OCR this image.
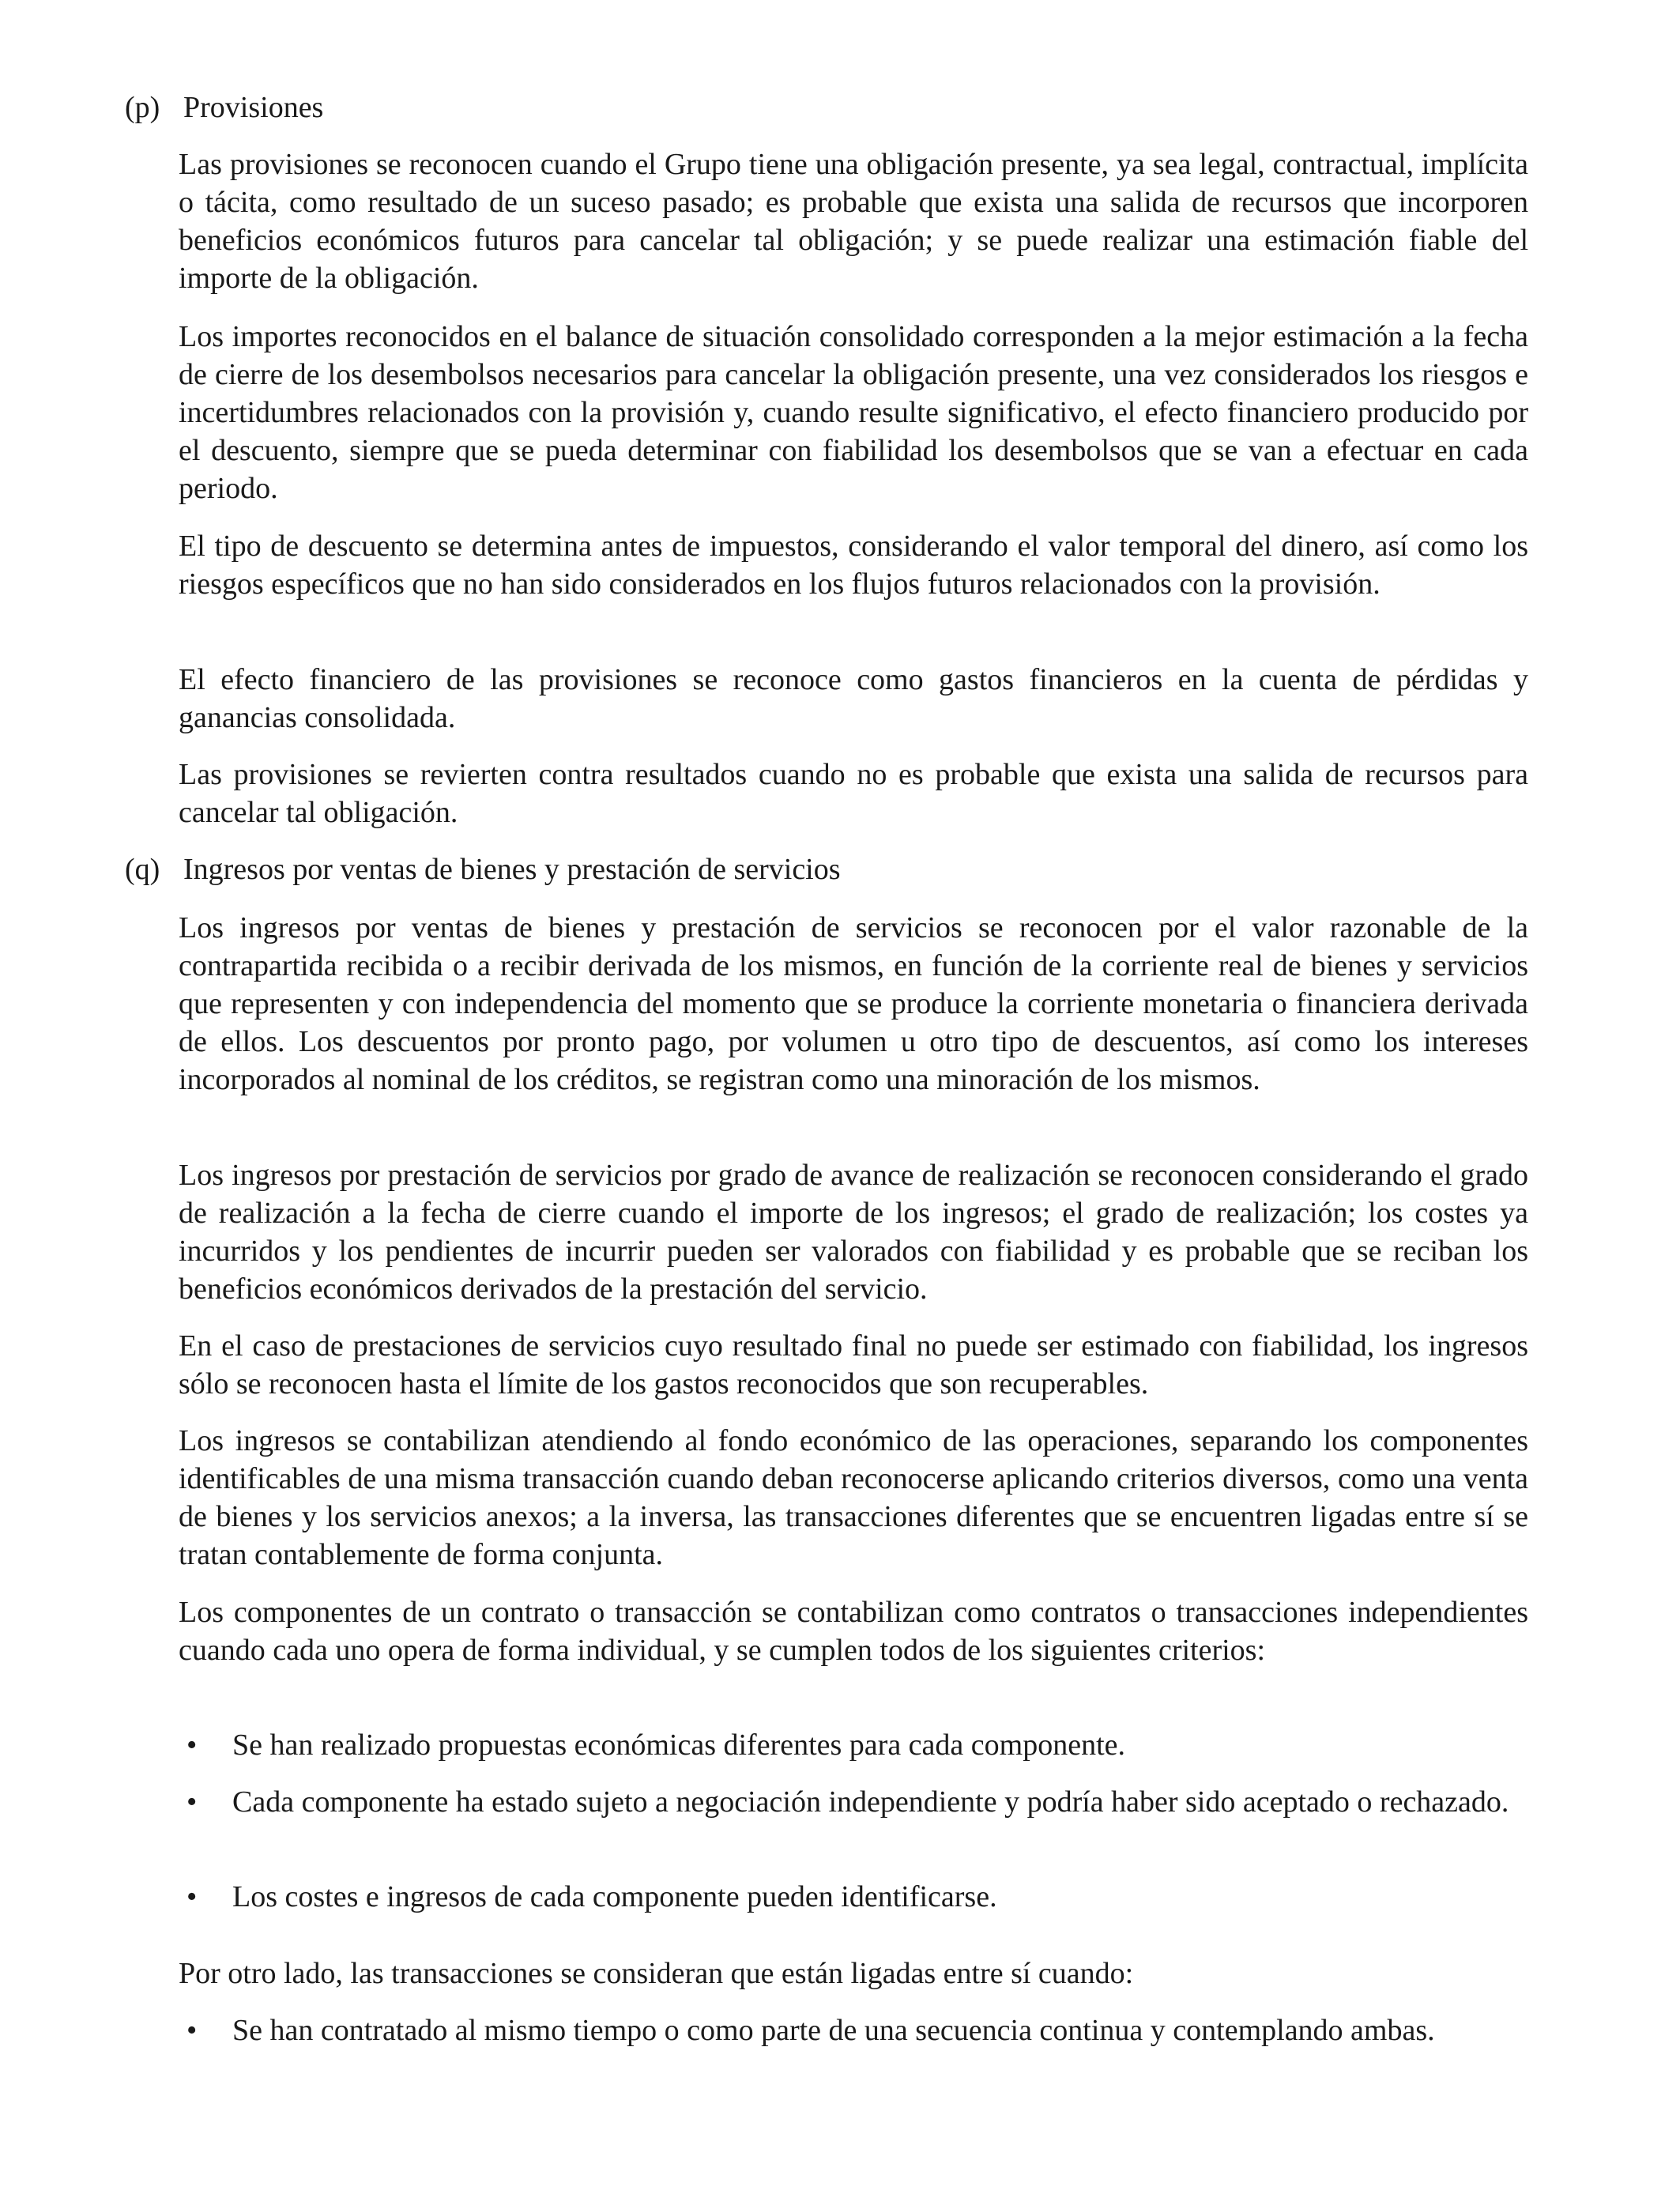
(p) Provisiones

Las provisiones se reconocen cuando el Grupo tiene una obligación presente, ya sea legal, contractual, implícita o tácita, como resultado de un suceso pasado; es probable que exista una salida de recursos que incorporen beneficios económicos futuros para cancelar tal obligación; y se puede realizar una estimación fiable del importe de la obligación.

Los importes reconocidos en el balance de situación consolidado corresponden a la mejor estimación a la fecha de cierre de los desembolsos necesarios para cancelar la obligación presente, una vez considerados los riesgos e incertidumbres relacionados con la provisión y, cuando resulte significativo, el efecto financiero producido por el descuento, siempre que se pueda determinar con fiabilidad los desembolsos que se van a efectuar en cada periodo.

El tipo de descuento se determina antes de impuestos, considerando el valor temporal del dinero, así como los riesgos específicos que no han sido considerados en los flujos futuros relacionados con la provisión.

El efecto financiero de las provisiones se reconoce como gastos financieros en la cuenta de pérdidas y ganancias consolidada.

Las provisiones se revierten contra resultados cuando no es probable que exista una salida de recursos para cancelar tal obligación.

(q) Ingresos por ventas de bienes y prestación de servicios

Los ingresos por ventas de bienes y prestación de servicios se reconocen por el valor razonable de la contrapartida recibida o a recibir derivada de los mismos, en función de la corriente real de bienes y servicios que representen y con independencia del momento que se produce la corriente monetaria o financiera derivada de ellos. Los descuentos por pronto pago, por volumen u otro tipo de descuentos, así como los intereses incorporados al nominal de los créditos, se registran como una minoración de los mismos.

Los ingresos por prestación de servicios por grado de avance de realización se reconocen considerando el grado de realización a la fecha de cierre cuando el importe de los ingresos; el grado de realización; los costes ya incurridos y los pendientes de incurrir pueden ser valorados con fiabilidad y es probable que se reciban los beneficios económicos derivados de la prestación del servicio.

En el caso de prestaciones de servicios cuyo resultado final no puede ser estimado con fiabilidad, los ingresos sólo se reconocen hasta el límite de los gastos reconocidos que son recuperables.

Los ingresos se contabilizan atendiendo al fondo económico de las operaciones, separando los componentes identificables de una misma transacción cuando deban reconocerse aplicando criterios diversos, como una venta de bienes y los servicios anexos; a la inversa, las transacciones diferentes que se encuentren ligadas entre sí se tratan contablemente de forma conjunta.

Los componentes de un contrato o transacción se contabilizan como contratos o transacciones independientes cuando cada uno opera de forma individual, y se cumplen todos de los siguientes criterios:

• Se han realizado propuestas económicas diferentes para cada componente.
• Cada componente ha estado sujeto a negociación independiente y podría haber sido aceptado o rechazado.
• Los costes e ingresos de cada componente pueden identificarse.

Por otro lado, las transacciones se consideran que están ligadas entre sí cuando:

• Se han contratado al mismo tiempo o como parte de una secuencia continua y contemplando ambas.
